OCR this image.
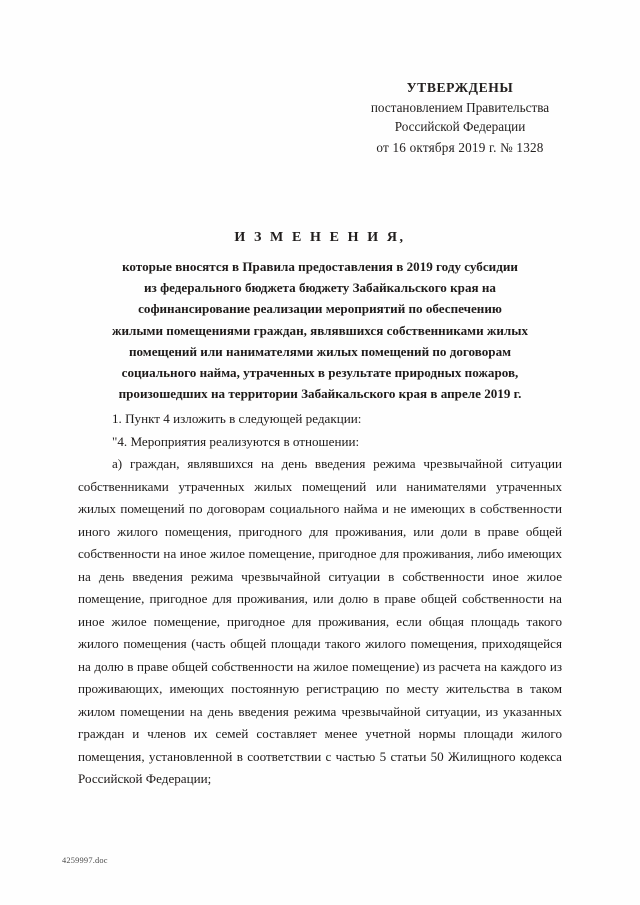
УТВЕРЖДЕНЫ
постановлением Правительства
Российской Федерации
от 16 октября 2019 г. № 1328
И З М Е Н Е Н И Я,
которые вносятся в Правила предоставления в 2019 году субсидии
из федерального бюджета бюджету Забайкальского края на
софинансирование реализации мероприятий по обеспечению
жилыми помещениями граждан, являвшихся собственниками жилых
помещений или нанимателями жилых помещений по договорам
социального найма, утраченных в результате природных пожаров,
произошедших на территории Забайкальского края в апреле 2019 г.

1. Пункт 4 изложить в следующей редакции:

"4. Мероприятия реализуются в отношении:

а) граждан, являвшихся на день введения режима чрезвычайной ситуации собственниками утраченных жилых помещений или нанимателями утраченных жилых помещений по договорам социального найма и не имеющих в собственности иного жилого помещения, пригодного для проживания, или доли в праве общей собственности на иное жилое помещение, пригодное для проживания, либо имеющих на день введения режима чрезвычайной ситуации в собственности иное жилое помещение, пригодное для проживания, или долю в праве общей собственности на иное жилое помещение, пригодное для проживания, если общая площадь такого жилого помещения (часть общей площади такого жилого помещения, приходящейся на долю в праве общей собственности на жилое помещение) из расчета на каждого из проживающих, имеющих постоянную регистрацию по месту жительства в таком жилом помещении на день введения режима чрезвычайной ситуации, из указанных граждан и членов их семей составляет менее учетной нормы площади жилого помещения, установленной в соответствии с частью 5 статьи 50 Жилищного кодекса Российской Федерации;

4259997.doc
